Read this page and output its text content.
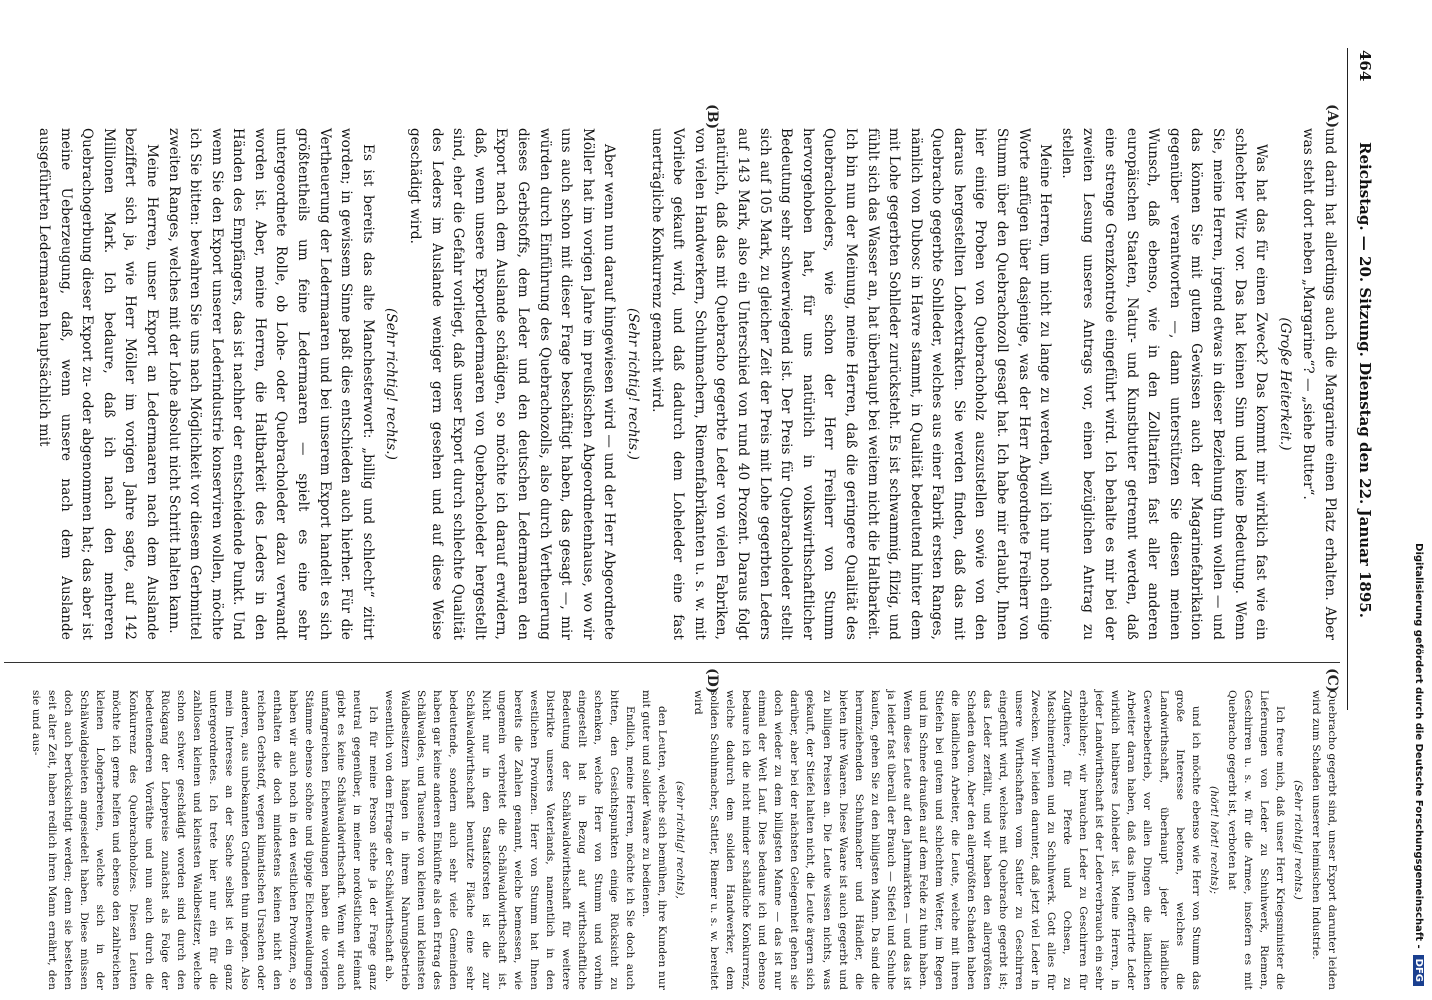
Digitalisierung gefördert durch die Deutsche Forschungsgemeinschaft -DFG
464
Reichstag. — 20. Sitzung. Dienstag den 22. Januar 1895.
(A)
(B)

und darin hat allerdings auch die Margarine einen Platz erhalten. Aber was steht dort neben „Margarine“? — „siehe Butter“.

(Große Heiterkeit.)

Was hat das für einen Zweck? Das kommt mir wirklich fast wie ein schlechter Witz vor. Das hat keinen Sinn und keine Bedeutung. Wenn Sie, meine Herren, irgend etwas in dieser Beziehung thun wollen — und das können Sie mit gutem Gewissen auch der Magarinefabrikation gegenüber verantworten —, dann unterstützen Sie diesen meinen Wunsch, daß ebenso, wie in den Zolltarifen fast aller anderen europäischen Staaten, Natur- und Kunstbutter getrennt werden, daß eine strenge Grenzkontrole eingeführt wird. Ich behalte es mir bei der zweiten Lesung unseres Antrags vor, einen bezüglichen Antrag zu stellen.

Meine Herren, um nicht zu lange zu werden, will ich nur noch einige Worte anfügen über dasjenige, was der Herr Abgeordnete Freiherr von Stumm über den Quebrachozoll gesagt hat. Ich habe mir erlaubt, Ihnen hier einige Proben von Quebrachoholz auszustellen sowie von den daraus hergestellten Loheextrakten. Sie werden finden, daß das mit Quebracho gegerbte Sohlleder, welches aus einer Fabrik ersten Ranges, nämlich von Dubosc in Havre stammt, in Qualität bedeutend hinter dem mit Lohe gegerbten Sohlleder zurücksteht. Es ist schwammig, filzig, und fühlt sich das Wasser an, hat überhaupt bei weitem nicht die Haltbarkeit. Ich bin nun der Meinung, meine Herren, daß die geringere Qualität des Quebracholeders, wie schon der Herr Freiherr von Stumm hervorgehoben hat, für uns natürlich in volkswirthschaftlicher Bedeutung sehr schwerwiegend ist. Der Preis für Quebracholeder stellt sich auf 105 Mark, zu gleicher Zeit der Preis mit Lohe gegerbten Leders auf 143 Mark, also ein Unterschied von rund 40 Prozent. Daraus folgt natürlich, daß das mit Quebracho gegerbte Leder von vielen Fabriken, von vielen Handwerkern, Schuhmachern, Riemenfabrikanten u. s. w. mit Vorliebe gekauft wird, und daß dadurch dem Loheleder eine fast unerträgliche Konkurrenz gemacht wird.

(Sehr richtig! rechts.)

Aber wenn nun darauf hingewiesen wird — und der Herr Abgeordnete Möller hat im vorigen Jahre im preußischen Abgeordnetenhause, wo wir uns auch schon mit dieser Frage beschäftigt haben, das gesagt —, mir würden durch Einführung des Quebrachozolls, also durch Vertheuerung dieses Gerbstoffs, dem Leder und den deutschen Ledermaaren den Export nach dem Auslande schädigen, so möchte ich darauf erwidern, daß, wenn unsere Exportledermaaren von Quebracholeder hergestellt sind, eher die Gefahr vorliegt, daß unser Export durch schlechte Qualität des Leders im Auslande weniger gern gesehen und auf diese Weise geschädigt wird.

(Sehr richtig! rechts.)

Es ist bereits das alte Manchesterwort: „billig und schlecht“ zitirt worden; in gewissem Sinne paßt dies entschieden auch hierher. Für die Vertheuerung der Ledermaaren und bei unserem Export handelt es sich größtentheils um feine Ledermaaren — spielt es eine sehr untergeordnete Rolle, ob Lohe- oder Quebracholeder dazu verwandt worden ist. Aber, meine Herren, die Haltbarkeit des Leders in den Händen des Empfängers, das ist nachher der entscheidende Punkt. Und wenn Sie den Export unserer Lederindustrie konserviren wollen, möchte ich Sie bitten: bewahren Sie uns nach Möglichkeit vor diesem Gerbmittel zweiten Ranges, welches mit der Lohe absolut nicht Schritt halten kann.

Meine Herren, unser Export an Ledermaaren nach dem Auslande beziffert sich ja, wie Herr Möller im vorigen Jahre sagte, auf 142 Millionen Mark. Ich bedaure, daß ich nach den mehreren Quebrachogerbung dieser Export zu- oder abgenommen hat; das aber ist meine Ueberzeugung, daß, wenn unsere nach dem Auslande ausgeführten Ledermaaren hauptsächlich mit

(C)
(D)

Quebracho gegerbt sind, unser Export darunter leiden wird zum Schaden unserer heimischen Industrie.

(Sehr richtig! rechts.)

Ich freue mich, daß unser Herr Kriegsminister die Lieferungen von Leder zu Schuhwerk, Riemen, Geschirren u. s. w. für die Armee, insofern es mit Quebracho gegerbt ist, verboten hat

(hört! hört! rechts);

und ich möchte ebenso wie Herr von Stumm das große Interesse betonen, welches die Landwirthschaft, überhaupt jeder ländliche Gewerbebetrieb, vor allen Dingen die ländlichen Arbeiter daran haben, daß das ihnen offerirte Leder wirklich haltbares Lohleder ist. Meine Herren, in jeder Landwirthschaft ist der Lederverbrauch ein sehr erheblicher; wir brauchen Leder zu Geschirren für Zugthiere, für Pferde und Ochsen, zu Maschinenriemen und zu Schuhwerk. Gott alles für Zwecken. Wir leiden darunter, daß jetzt viel Leder in unsere Wirthschaften vom Sattler zu Geschirren eingeführt wird, welches mit Quebracho gegerbt ist; das Leder zerfällt, und wir haben den allergrößten Schaden davon. Aber den allergrößten Schaden haben die ländlichen Arbeiter, die Leute, welche mit ihren Stiefeln bei gutem und schlechtem Wetter, im Regen und im Schnee draußen auf dem Felde zu thun haben. Wenn diese Leute auf den Jahrmärkten — und das ist ja leider fast überall der Brauch — Stiefel und Schuhe kaufen, gehen Sie zu den billigsten Mann. Da sind die herumziehenden Schuhmacher und Händler, die bieten ihre Waaren. Diese Waare ist auch gegerbt und zu billigen Preisen an. Die Leute wissen nichts, was gekauft, der Stiefel halten nicht, die Leute ärgern sich darüber, aber bei der nächsten Gelegenheit gehen sie doch wieder zu dem billigsten Manne — das ist nur einmal der Welt Lauf. Dies bedaure ich und ebenso bedaure ich die nicht minder schädliche Konkurrenz, welche dadurch dem soliden Handwerker, dem soliden Schuhmacher, Sattler, Riemer u. s. w. bereitet wird

(sehr richtig! rechts),

den Leuten, welche sich bemühen, ihre Kunden nur mit guter und solider Waare zu bedienen.

Endlich, meine Herren, möchte ich Sie doch auch bitten, den Gesichtspunkten einige Rücksicht zu schenken, welche Herr von Stumm und vorhin eingestellt hat in Bezug auf wirthschaftliche Bedeutung der Schälwaldwirthschaft für weitere Distrikte unseres Vaterlands, namentlich in den westlichen Provinzen. Herr von Stumm hat Ihnen bereits die Zahlen genannt, welche bemessen, wie ungemein verbreitet die Schälwaldwirthschaft ist. Nicht nur in den Staatsforsten ist die zur Schälwaldwirthschaft benutzte Fläche eine sehr bedeutende, sondern auch sehr viele Gemeinden haben gar keine anderen Einkünfte als den Ertrag des Schälwaldes, und Tausende von kleinen und kleinsten Waldbesitzern hängen in ihrem Nahrungsbetrieb wesentlich von dem Ertrage der Schälwirthschaft ab.

Ich für meine Person stehe ja der Frage ganz neutral gegenüber, in meiner nordöstlichen Heimat giebt es keine Schälwaldwirthschaft. Wenn wir auch umfangreichen Eichenwaldungen haben die vorigen Stämme ebenso schöne und üppige Eichenwaldungen haben wir auch noch in den westlichen Provinzen, so enthalten die doch mindestens keinen nicht den reichen Gerbstoff, wegen klimatischen Ursachen oder anderen, aus unbekannten Gründen thun mögen. Also mein Interesse an der Sache selbst ist ein ganz untergeordnetes. Ich trete hier nur ein für die zahllosen kleinen und kleinsten Waldbesitzer, welche schon schwer geschädigt worden sind durch den Rückgang der Lohepreise zunächst als Folge der bedeutenderen Vorräthe und nun auch durch die Konkurrenz des Quebrachoholzes. Diesen Leuten möchte ich gerne helfen und ebenso den zahlreichen kleinen Lohgerbereien, welche sich in der Schälwaldgebieten angesiedelt haben. Diese müssen doch auch berücksichtigt werden; denn sie bestehen seit alter Zeit, haben redlich ihren Mann ernährt, den sie und aus-
